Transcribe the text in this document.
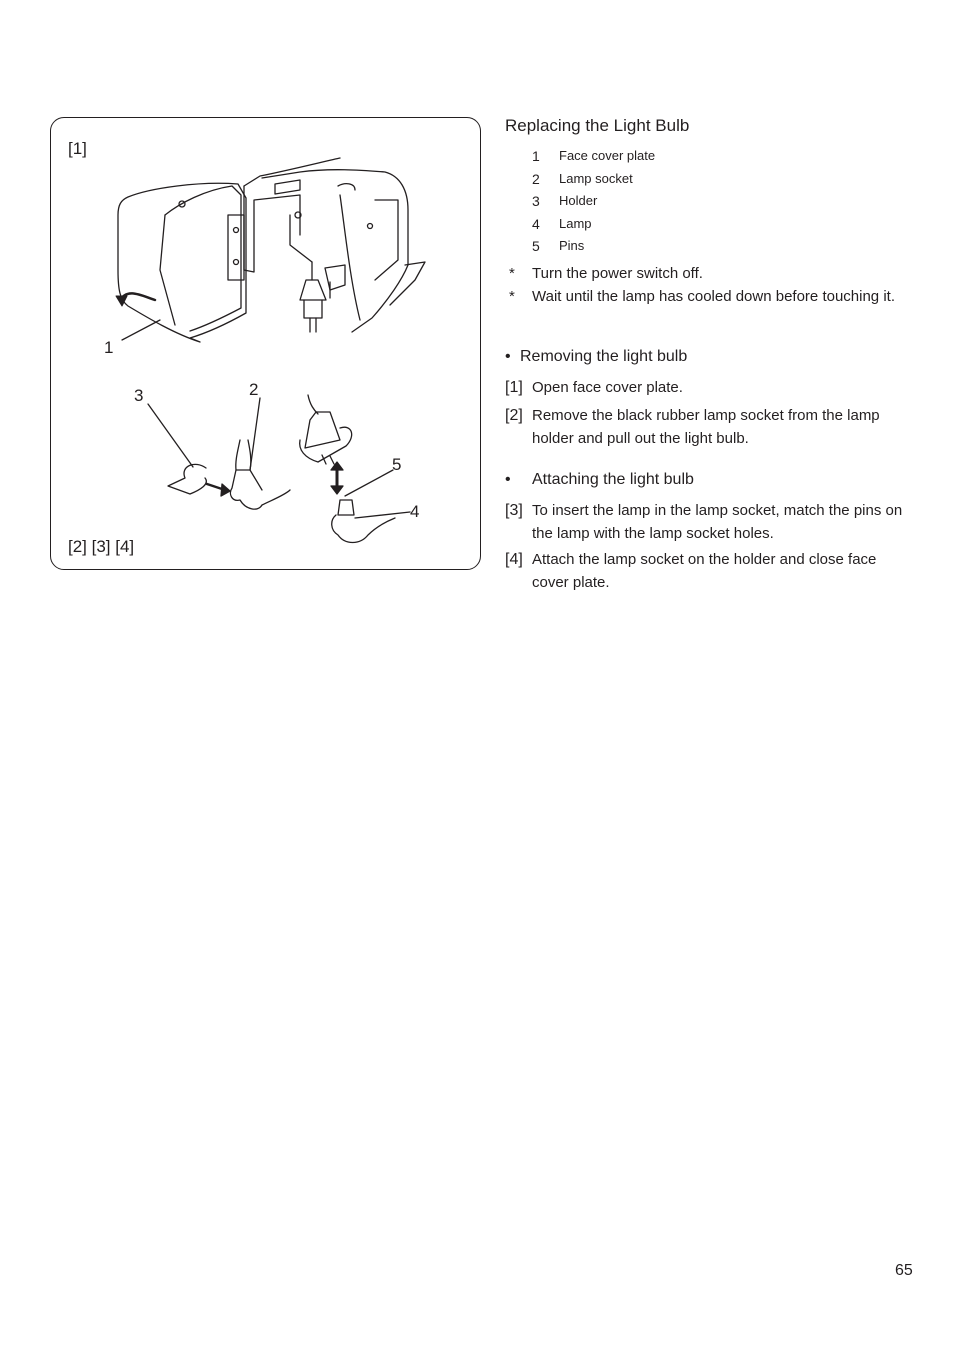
[1]
[2] [3] [4]
1
2
3
4
5
Replacing the Light Bulb
1	Face cover plate
2	Lamp socket
3	Holder
4	Lamp
5	Pins
*	Turn the power switch off.
*	Wait until the lamp has cooled down before touching it.
• Removing the light bulb
[1] Open face cover plate.
[2] Remove the black rubber lamp socket from the lamp holder and pull out the light bulb.
•	Attaching the light bulb
[3] To insert the lamp in the lamp socket, match the pins on the lamp with the lamp socket holes.
[4] Attach the lamp socket on the holder and close face cover plate.
65
